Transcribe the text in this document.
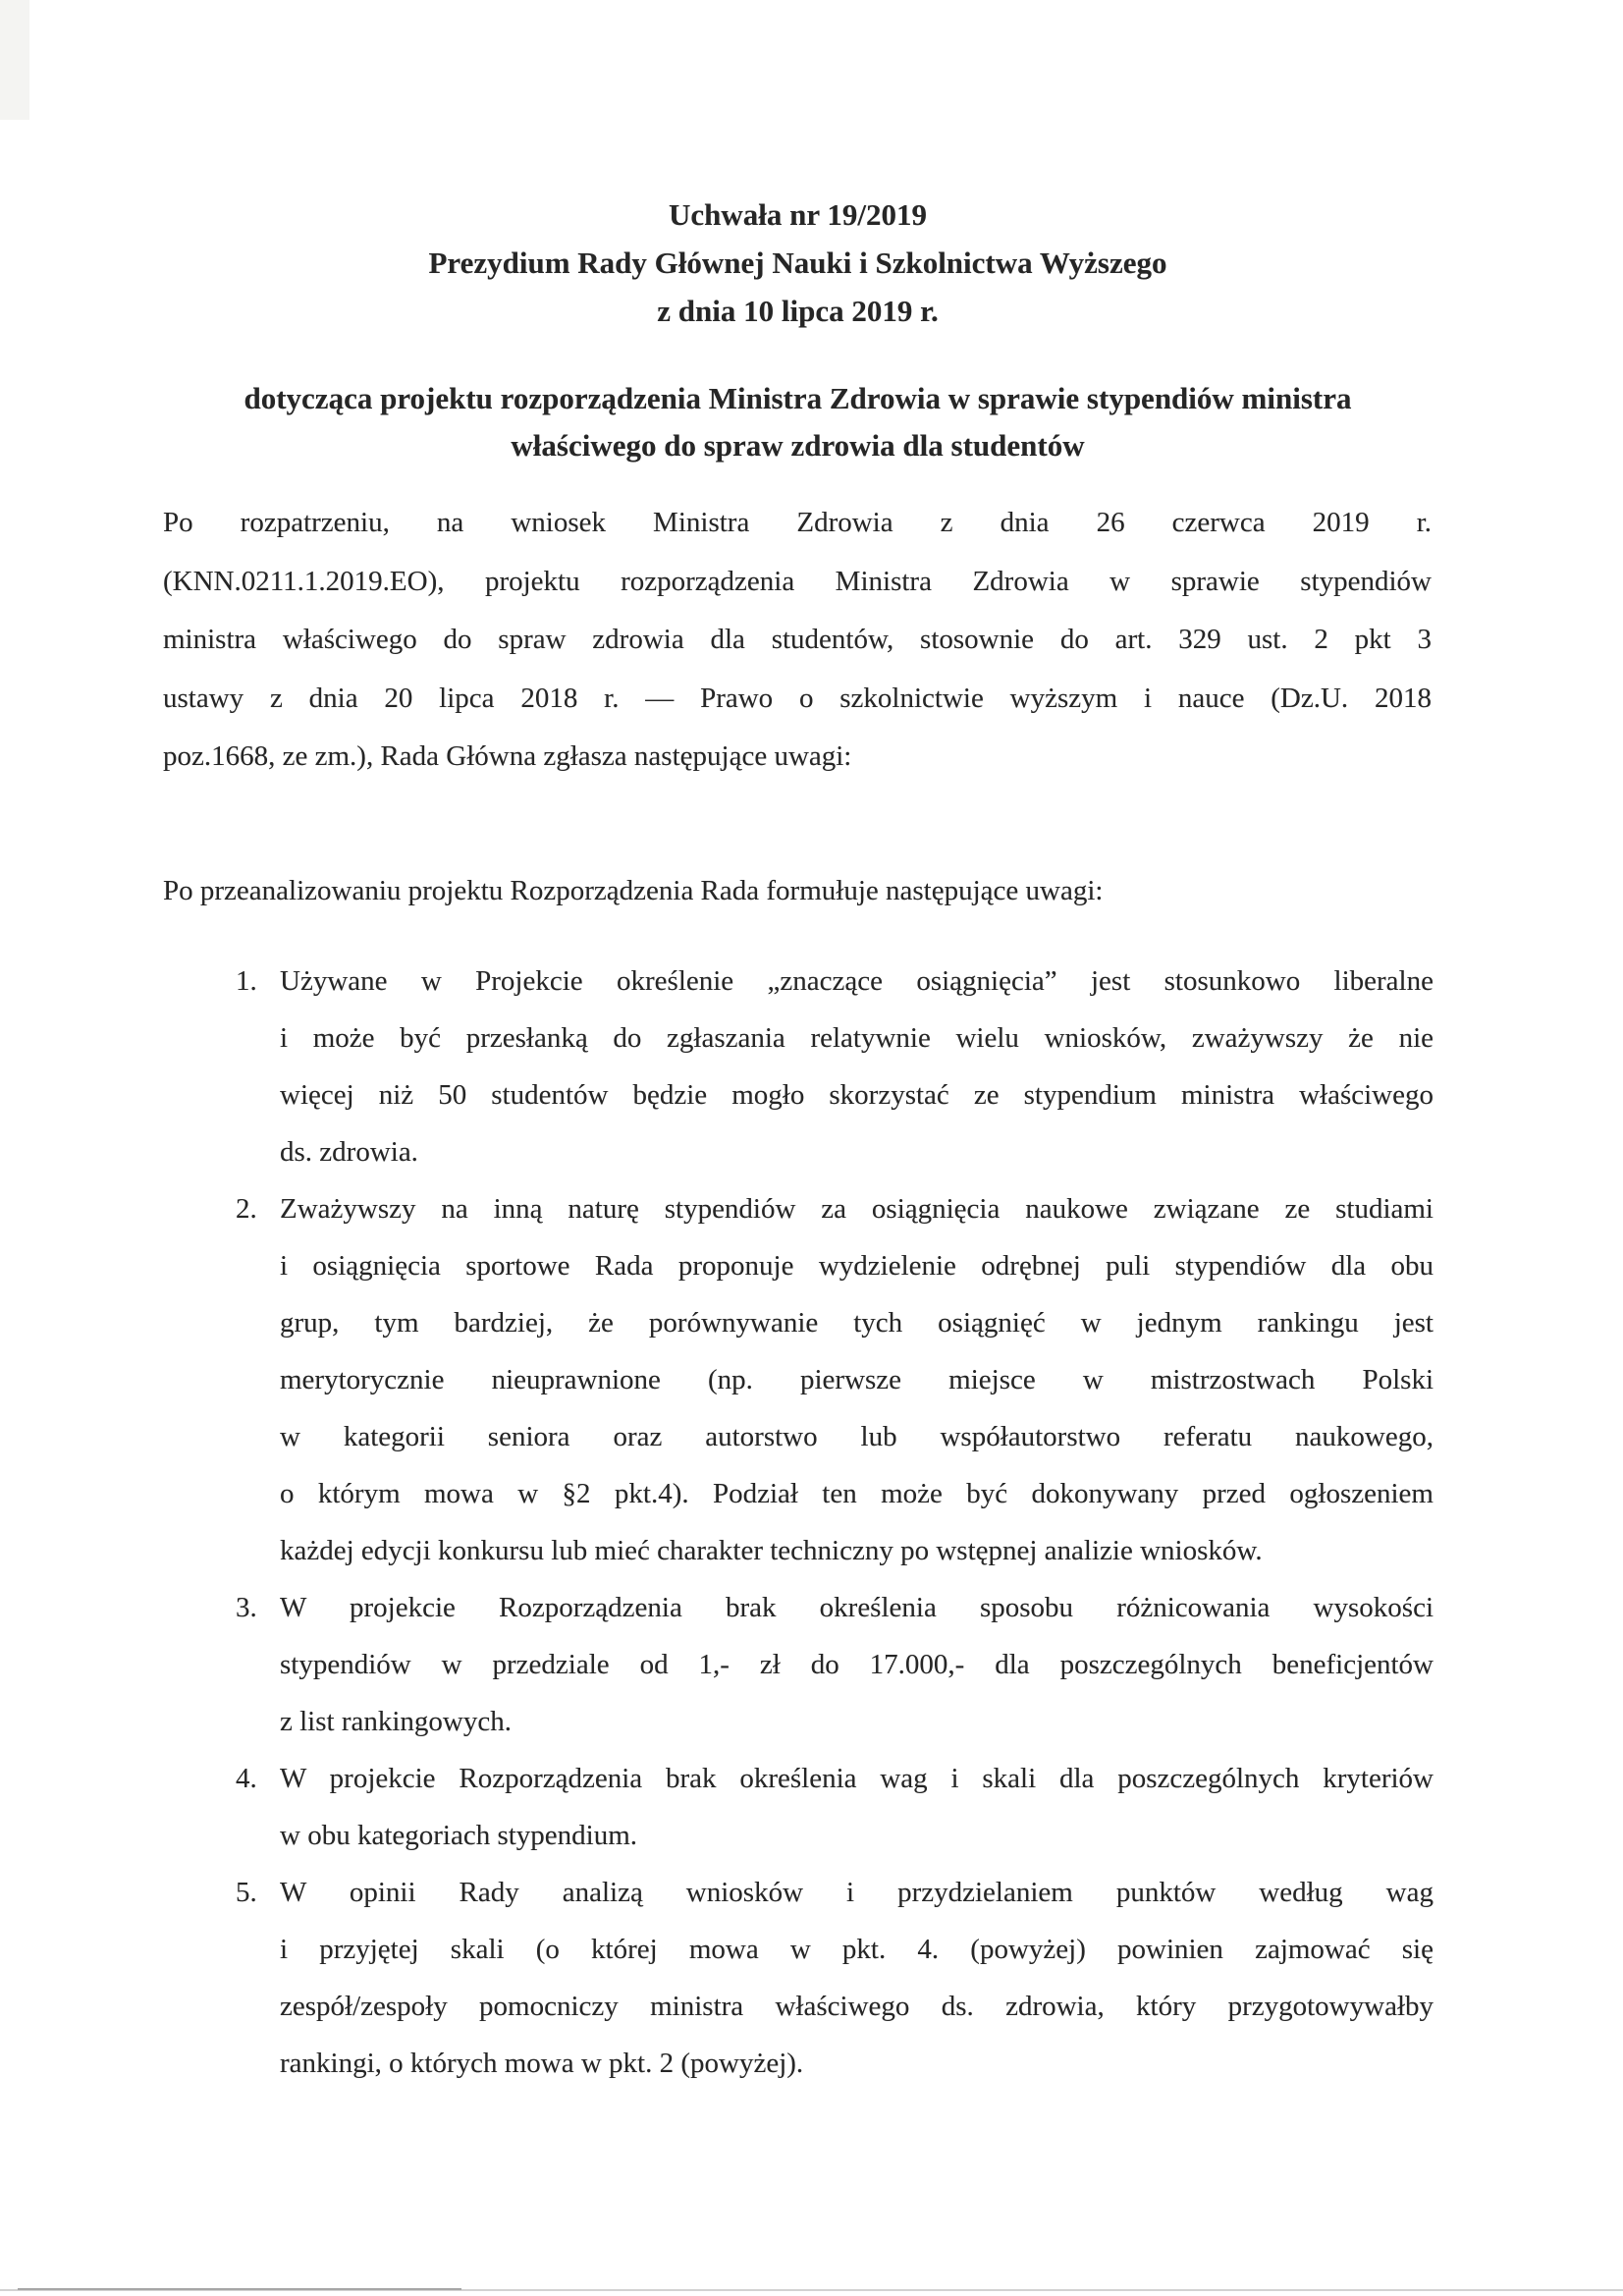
Uchwała nr 19/2019
Prezydium Rady Głównej Nauki i Szkolnictwa Wyższego
z dnia 10 lipca 2019 r.
dotycząca projektu rozporządzenia Ministra Zdrowia w sprawie stypendiów ministra
właściwego do spraw zdrowia dla studentów
Po rozpatrzeniu, na wniosek Ministra Zdrowia z dnia 26 czerwca 2019 r.
(KNN.0211.1.2019.EO), projektu rozporządzenia Ministra Zdrowia w sprawie stypendiów
ministra właściwego do spraw zdrowia dla studentów, stosownie do art. 329 ust. 2 pkt 3
ustawy z dnia 20 lipca 2018 r. — Prawo o szkolnictwie wyższym i nauce (Dz.U. 2018
poz.1668, ze zm.), Rada Główna zgłasza następujące uwagi:
Po przeanalizowaniu projektu Rozporządzenia Rada formułuje następujące uwagi:
1. Używane w Projekcie określenie „znaczące osiągnięcia” jest stosunkowo liberalne
i może być przesłanką do zgłaszania relatywnie wielu wniosków, zważywszy że nie
więcej niż 50 studentów będzie mogło skorzystać ze stypendium ministra właściwego
ds. zdrowia.
2. Zważywszy na inną naturę stypendiów za osiągnięcia naukowe związane ze studiami
i osiągnięcia sportowe Rada proponuje wydzielenie odrębnej puli stypendiów dla obu
grup, tym bardziej, że porównywanie tych osiągnięć w jednym rankingu jest
merytorycznie nieuprawnione (np. pierwsze miejsce w mistrzostwach Polski
w kategorii seniora oraz autorstwo lub współautorstwo referatu naukowego,
o którym mowa w §2 pkt.4). Podział ten może być dokonywany przed ogłoszeniem
każdej edycji konkursu lub mieć charakter techniczny po wstępnej analizie wniosków.
3. W projekcie Rozporządzenia brak określenia sposobu różnicowania wysokości
stypendiów w przedziale od 1,- zł do 17.000,- dla poszczególnych beneficjentów
z list rankingowych.
4. W projekcie Rozporządzenia brak określenia wag i skali dla poszczególnych kryteriów
w obu kategoriach stypendium.
5. W opinii Rady analizą wniosków i przydzielaniem punktów według wag
i przyjętej skali (o której mowa w pkt. 4. (powyżej) powinien zajmować się
zespół/zespoły pomocniczy ministra właściwego ds. zdrowia, który przygotowywałby
rankingi, o których mowa w pkt. 2 (powyżej).
